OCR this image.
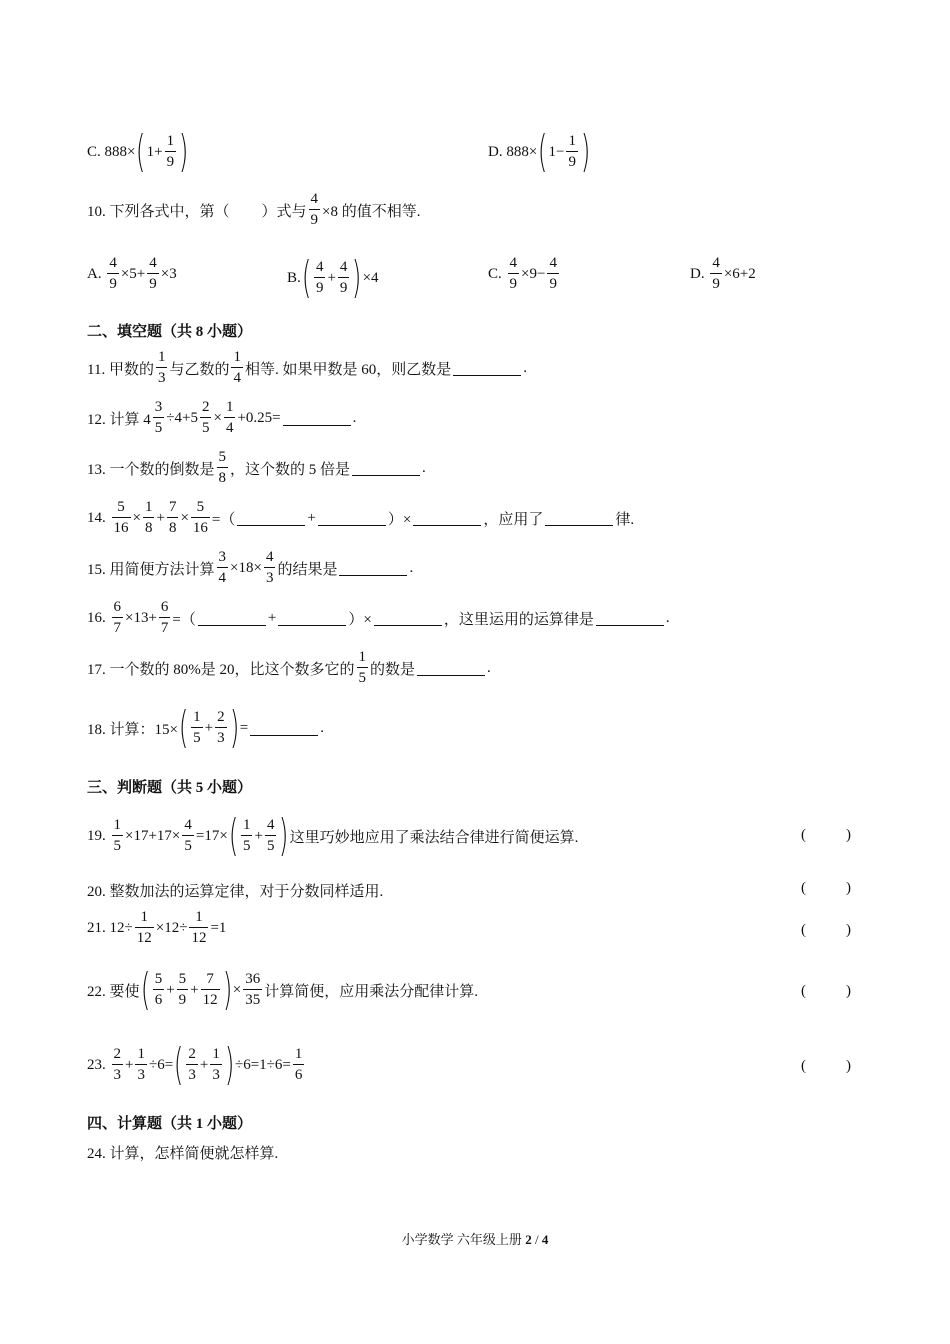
C. 888× ( $1+ \frac{1}{9}$ )	D. 888× ( $1- \frac{1}{9}$ )
10. 下列各式中，第（ ）式与 $\frac{4}{9} \times 8$ 的值不相等.
A.
$\frac{4}{9} \times 5+ \frac{4}{9} \times 3$	B. ( $\frac{4}{9} + \frac{4}{9}$ ) ×4	C.
$\frac{4}{9} \times 9- \frac{4}{9}$	D.
$\frac{4}{9} \times 6+2$
二、填空题（共 8 小题）
11. 甲数的 $\frac{1}{3}$ 与乙数的 $\frac{1}{4}$ 相等. 如果甲数是 60，则乙数是	.
12. 计算 $4 \frac{3}{5} \div 4+5 \frac{2}{5} \times \frac{1}{4} +0.25=$	.
13. 一个数的倒数是 $\frac{5}{8}$ ，这个数的 5 倍是	.
14.
$\frac{5}{16} \times \frac{1}{8} + \frac{7}{8} \times \frac{5}{16}$ =（	+	）×	，应用了	律.
15. 用简便方法计算 $\frac{3}{4} \times 18\times \frac{4}{3}$ 的结果是	.
16.
$\frac{6}{7} \times 13+ \frac{6}{7}$ =（	+	）×	，这里运用的运算律是	.
17. 一个数的 80%是 20，比这个数多它的 $\frac{1}{5}$ 的数是	.
18. 计算：15× ( $\frac{1}{5} + \frac{2}{3}$ ) =	.
三、判断题（共 5 小题）
19.
$\frac{1}{5} \times 17+17\times \frac{4}{5} =17\times$ ( $\frac{1}{5} + \frac{4}{5}$ ) 这里巧妙地应用了乘法结合律进行简便运算.	(	)
20. 整数加法的运算定律，对于分数同样适用.	(	)
21. $12\div \frac{1}{12} \times 12\div \frac{1}{12} =1$	(	)
22. 要使 ( $\frac{5}{6} + \frac{5}{9} + \frac{7}{12}$ ) × $\frac{36}{35}$ 计算简便，应用乘法分配律计算.	(	)
23.
$\frac{2}{3} + \frac{1}{3} \div 6=$ ( $\frac{2}{3} + \frac{1}{3}$ ) $\div 6=1\div 6= \frac{1}{6}$	(	)
四、计算题（共 1 小题）
24. 计算，怎样简便就怎样算.
小学数学 六年级上册 2 / 4
